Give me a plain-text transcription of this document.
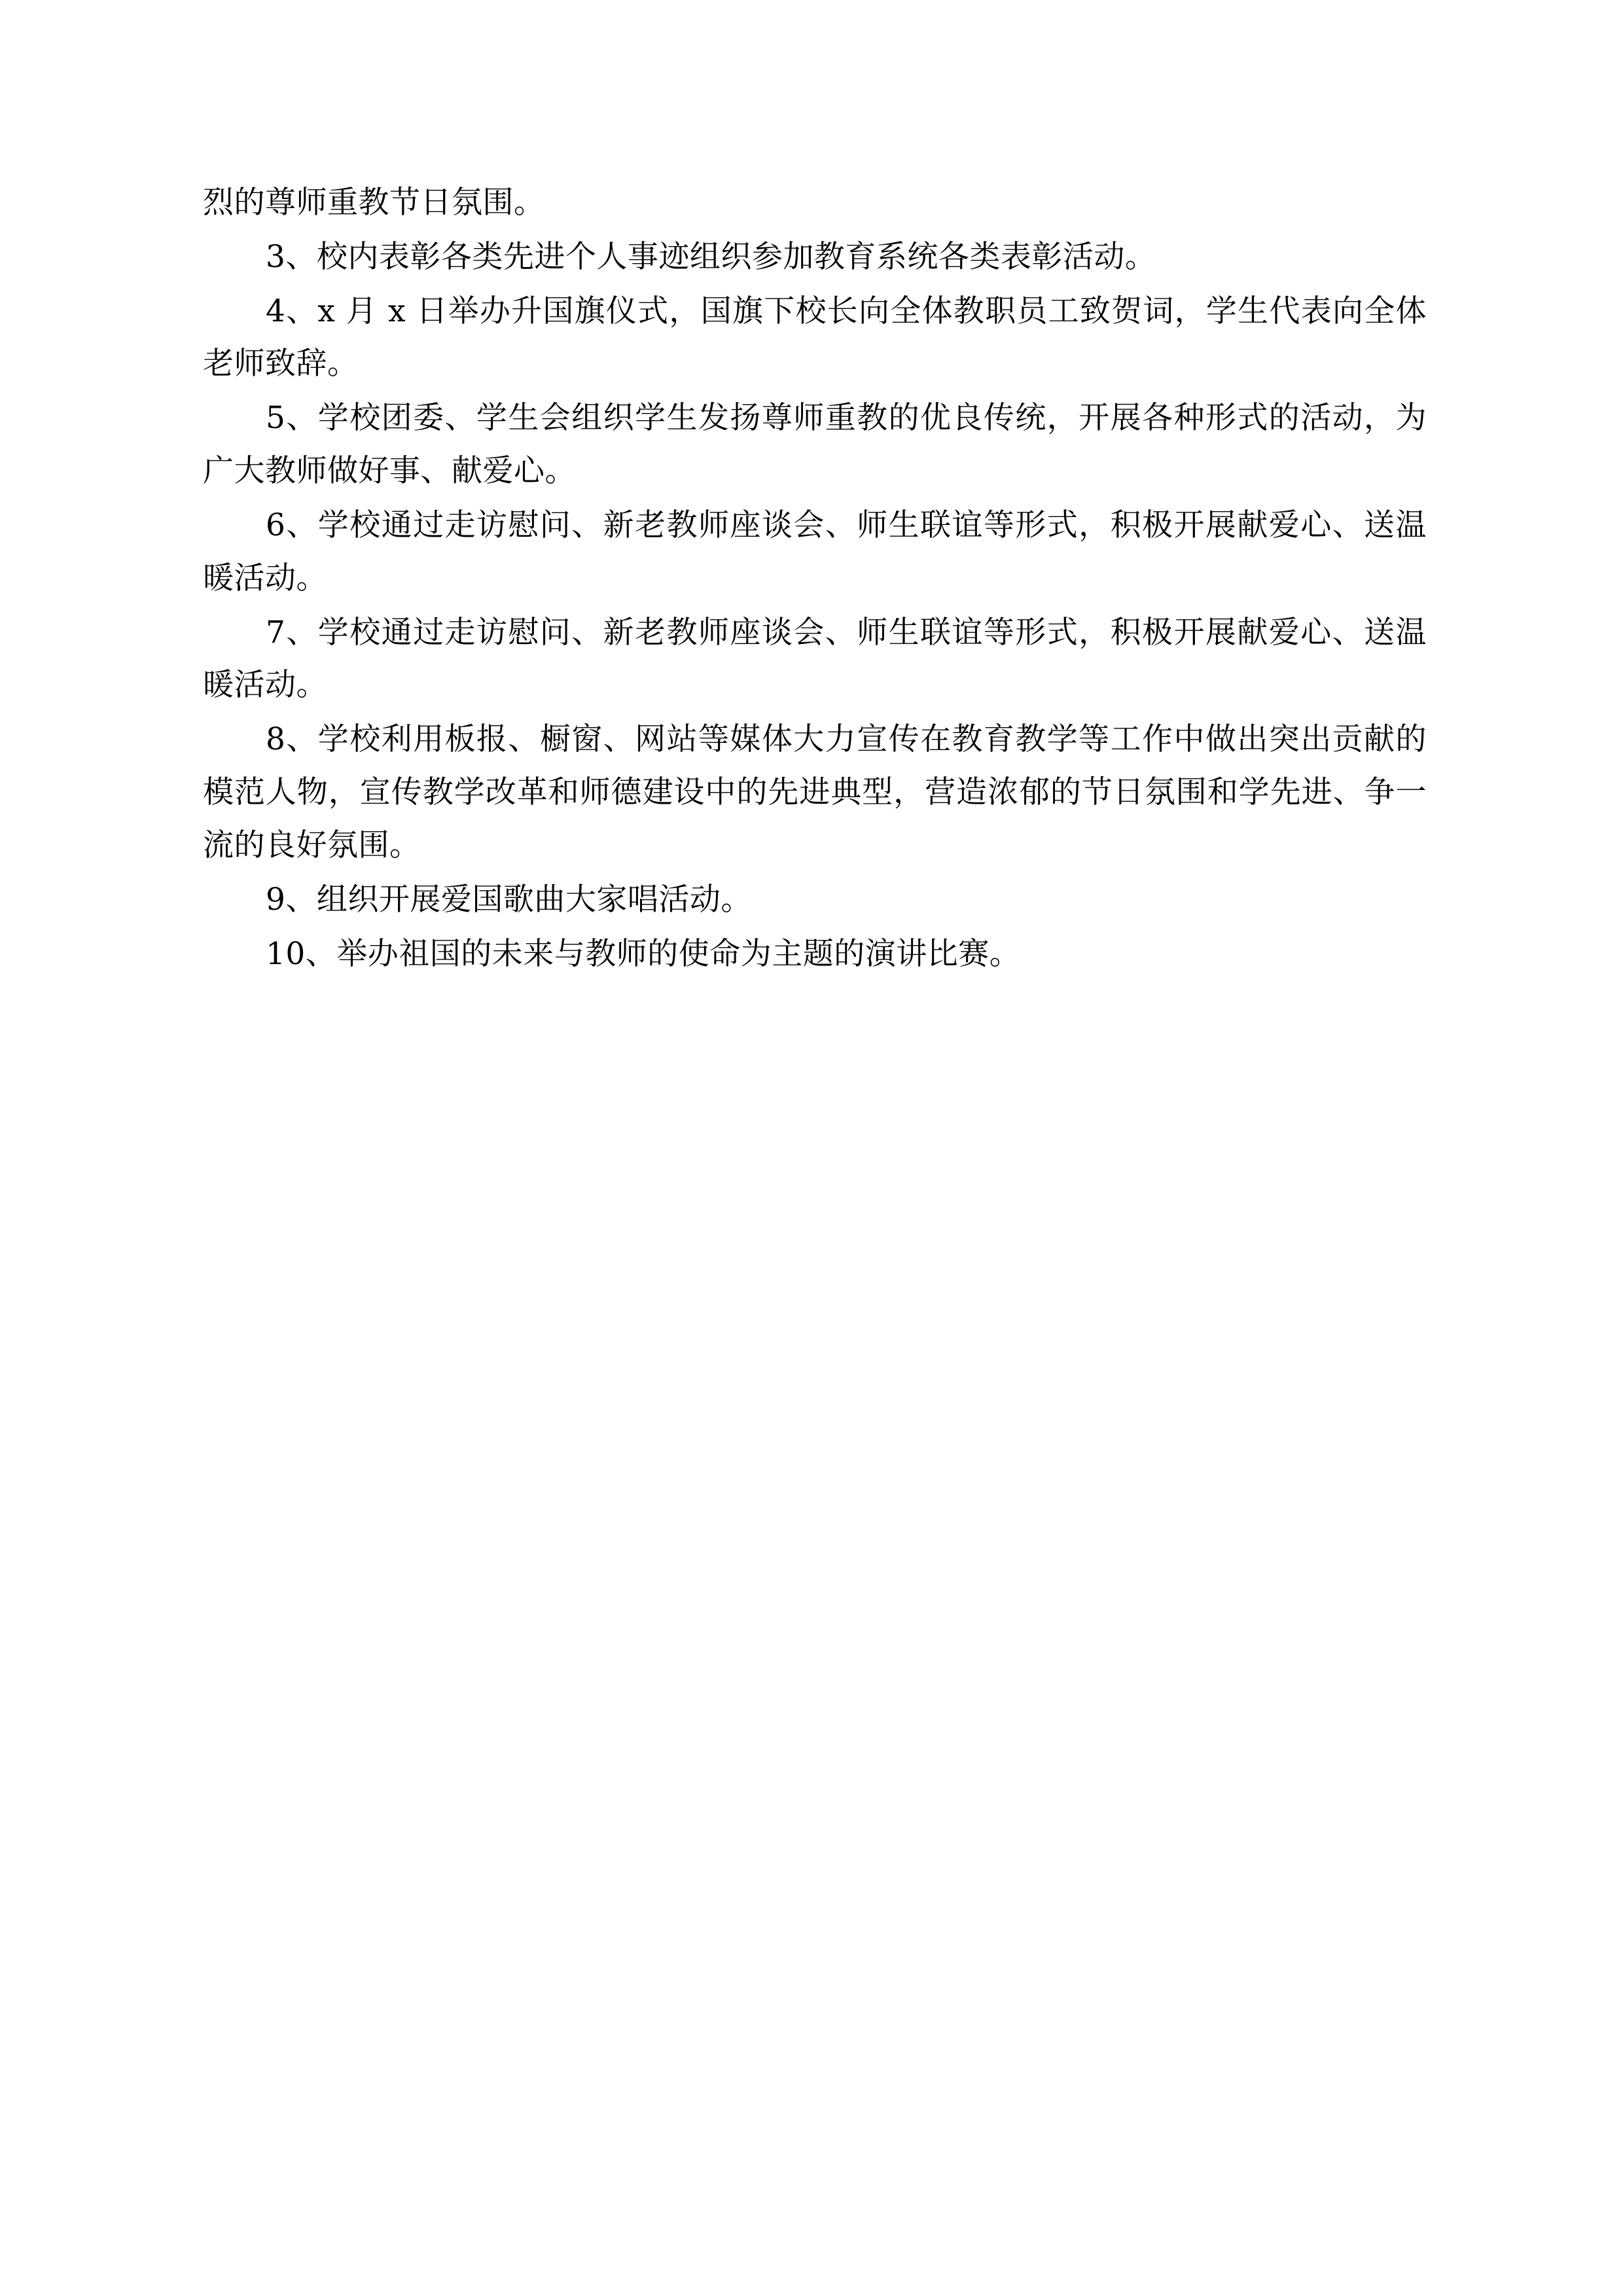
烈的尊师重教节日氛围。

3、校内表彰各类先进个人事迹组织参加教育系统各类表彰活动。

4、x 月 x 日举办升国旗仪式，国旗下校长向全体教职员工致贺词，学生代表向全体老师致辞。

5、学校团委、学生会组织学生发扬尊师重教的优良传统，开展各种形式的活动，为广大教师做好事、献爱心。

6、学校通过走访慰问、新老教师座谈会、师生联谊等形式，积极开展献爱心、送温暖活动。

7、学校通过走访慰问、新老教师座谈会、师生联谊等形式，积极开展献爱心、送温暖活动。

8、学校利用板报、橱窗、网站等媒体大力宣传在教育教学等工作中做出突出贡献的模范人物，宣传教学改革和师德建设中的先进典型，营造浓郁的节日氛围和学先进、争一流的良好氛围。

9、组织开展爱国歌曲大家唱活动。

10、举办祖国的未来与教师的使命为主题的演讲比赛。
